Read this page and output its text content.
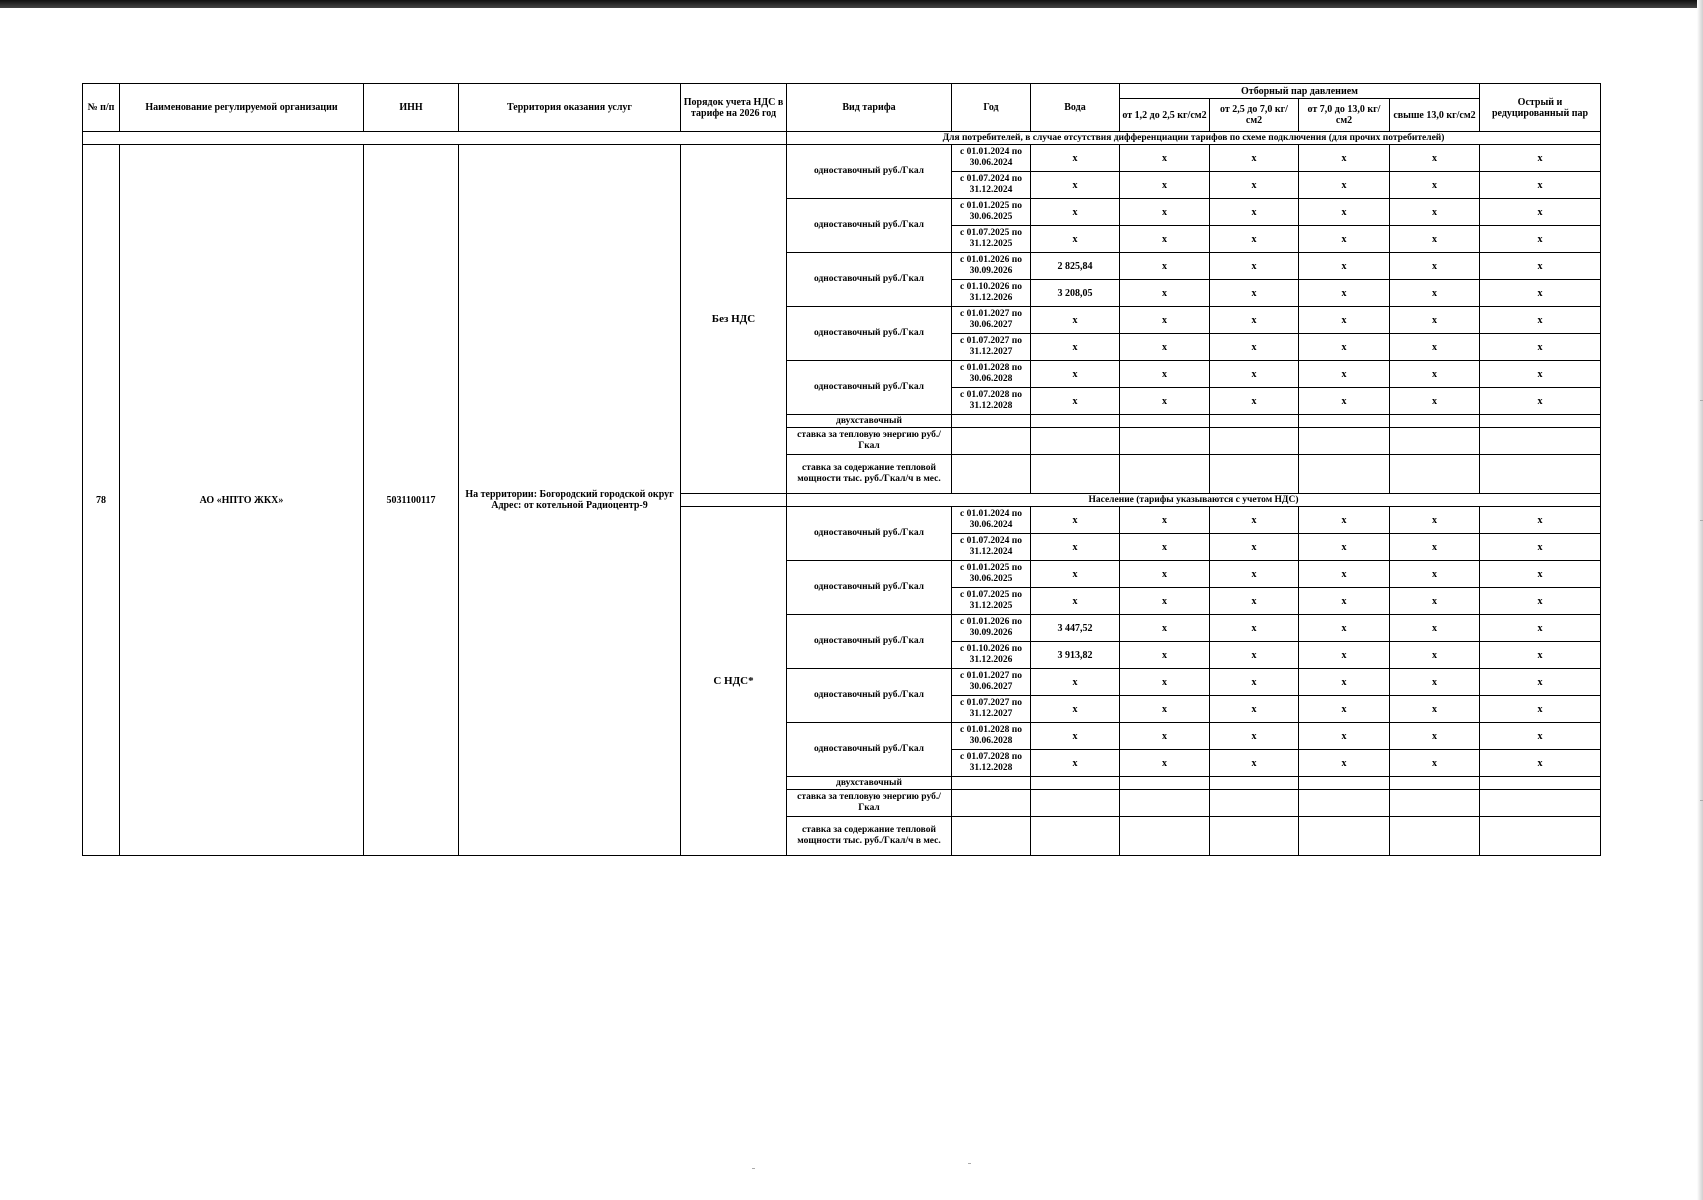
№ п/п	Наименование регулируемой организации	ИНН	Территория оказания услуг	Порядок учета НДС в тарифе на 2026 год	Вид тарифа	Год	Вода	Отборный пар давлением				Острый и редуцированный пар
								от 1,2 до 2,5 кг/см2	от 2,5 до 7,0 кг/см2	от 7,0 до 13,0 кг/см2	свыше 13,0 кг/см2	
					Для потребителей, в случае отсутствия дифференциации тарифов по схеме подключения (для прочих потребителей)							
78	АО «НПТО ЖКХ»	5031100117	На территории: Богородский городской округ Адрес: от котельной Радиоцентр-9	Без НДС	одноставочный руб./Гкал	с 01.01.2024 по 30.06.2024	х	х	х	х	х	х
						с 01.07.2024 по 31.12.2024	х	х	х	х	х	х
					одноставочный руб./Гкал	с 01.01.2025 по 30.06.2025	х	х	х	х	х	х
						с 01.07.2025 по 31.12.2025	х	х	х	х	х	х
					одноставочный руб./Гкал	с 01.01.2026 по 30.09.2026	2 825,84	х	х	х	х	х
						с 01.10.2026 по 31.12.2026	3 208,05	х	х	х	х	х
					одноставочный руб./Гкал	с 01.01.2027 по 30.06.2027	х	х	х	х	х	х
						с 01.07.2027 по 31.12.2027	х	х	х	х	х	х
					одноставочный руб./Гкал	с 01.01.2028 по 30.06.2028	х	х	х	х	х	х
						с 01.07.2028 по 31.12.2028	х	х	х	х	х	х
					двухставочный							
					ставка за тепловую энергию руб./Гкал							
					ставка за содержание тепловой мощности тыс. руб./Гкал/ч в мес.							
					Население (тарифы указываются с учетом НДС)							
				С НДС*	одноставочный руб./Гкал	с 01.01.2024 по 30.06.2024	х	х	х	х	х	х
						с 01.07.2024 по 31.12.2024	х	х	х	х	х	х
					одноставочный руб./Гкал	с 01.01.2025 по 30.06.2025	х	х	х	х	х	х
						с 01.07.2025 по 31.12.2025	х	х	х	х	х	х
					одноставочный руб./Гкал	с 01.01.2026 по 30.09.2026	3 447,52	х	х	х	х	х
						с 01.10.2026 по 31.12.2026	3 913,82	х	х	х	х	х
					одноставочный руб./Гкал	с 01.01.2027 по 30.06.2027	х	х	х	х	х	х
						с 01.07.2027 по 31.12.2027	х	х	х	х	х	х
					одноставочный руб./Гкал	с 01.01.2028 по 30.06.2028	х	х	х	х	х	х
						с 01.07.2028 по 31.12.2028	х	х	х	х	х	х
					двухставочный							
					ставка за тепловую энергию руб./Гкал							
					ставка за содержание тепловой мощности тыс. руб./Гкал/ч в мес.							
